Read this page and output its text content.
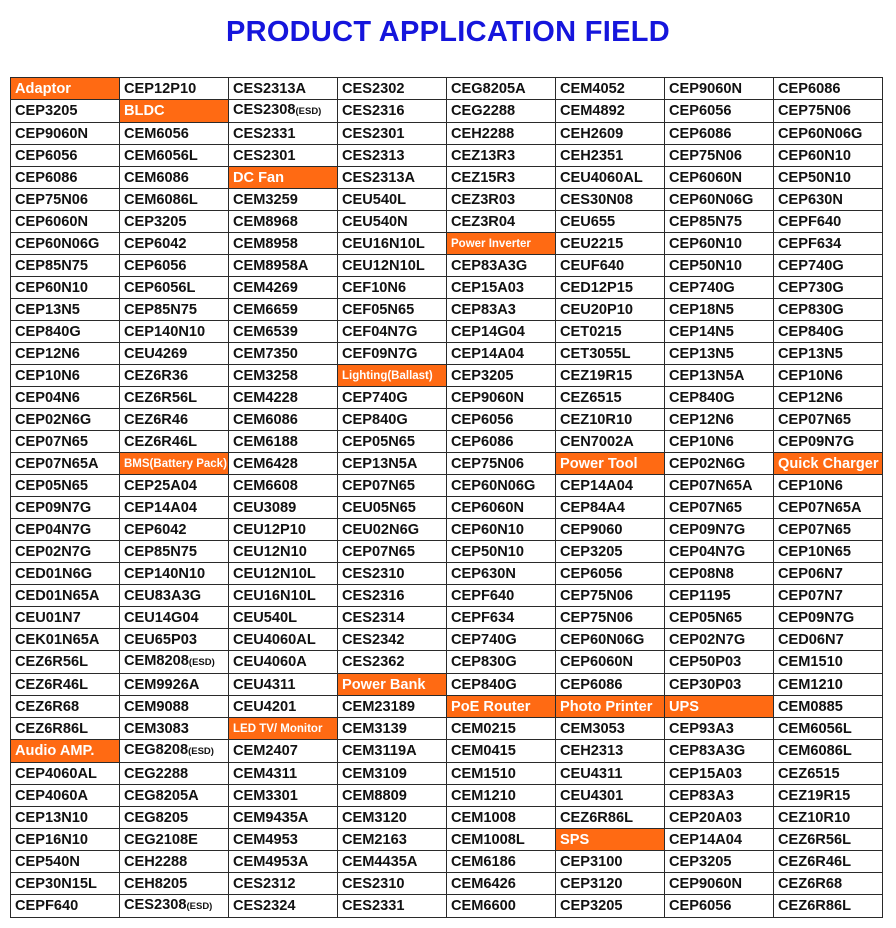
PRODUCT APPLICATION FIELD
Adaptor	CEP12P10	CES2313A	CES2302	CEG8205A	CEM4052	CEP9060N	CEP6086
CEP3205	BLDC	CES2308(ESD)	CES2316	CEG2288	CEM4892	CEP6056	CEP75N06
CEP9060N	CEM6056	CES2331	CES2301	CEH2288	CEH2609	CEP6086	CEP60N06G
CEP6056	CEM6056L	CES2301	CES2313	CEZ13R3	CEH2351	CEP75N06	CEP60N10
CEP6086	CEM6086	DC Fan	CES2313A	CEZ15R3	CEU4060AL	CEP6060N	CEP50N10
CEP75N06	CEM6086L	CEM3259	CEU540L	CEZ3R03	CES30N08	CEP60N06G	CEP630N
CEP6060N	CEP3205	CEM8968	CEU540N	CEZ3R04	CEU655	CEP85N75	CEPF640
CEP60N06G	CEP6042	CEM8958	CEU16N10L	Power Inverter	CEU2215	CEP60N10	CEPF634
CEP85N75	CEP6056	CEM8958A	CEU12N10L	CEP83A3G	CEUF640	CEP50N10	CEP740G
CEP60N10	CEP6056L	CEM4269	CEF10N6	CEP15A03	CED12P15	CEP740G	CEP730G
CEP13N5	CEP85N75	CEM6659	CEF05N65	CEP83A3	CEU20P10	CEP18N5	CEP830G
CEP840G	CEP140N10	CEM6539	CEF04N7G	CEP14G04	CET0215	CEP14N5	CEP840G
CEP12N6	CEU4269	CEM7350	CEF09N7G	CEP14A04	CET3055L	CEP13N5	CEP13N5
CEP10N6	CEZ6R36	CEM3258	Lighting(Ballast)	CEP3205	CEZ19R15	CEP13N5A	CEP10N6
CEP04N6	CEZ6R56L	CEM4228	CEP740G	CEP9060N	CEZ6515	CEP840G	CEP12N6
CEP02N6G	CEZ6R46	CEM6086	CEP840G	CEP6056	CEZ10R10	CEP12N6	CEP07N65
CEP07N65	CEZ6R46L	CEM6188	CEP05N65	CEP6086	CEN7002A	CEP10N6	CEP09N7G
CEP07N65A	BMS(Battery Pack)	CEM6428	CEP13N5A	CEP75N06	Power Tool	CEP02N6G	Quick Charger
CEP05N65	CEP25A04	CEM6608	CEP07N65	CEP60N06G	CEP14A04	CEP07N65A	CEP10N6
CEP09N7G	CEP14A04	CEU3089	CEU05N65	CEP6060N	CEP84A4	CEP07N65	CEP07N65A
CEP04N7G	CEP6042	CEU12P10	CEU02N6G	CEP60N10	CEP9060	CEP09N7G	CEP07N65
CEP02N7G	CEP85N75	CEU12N10	CEP07N65	CEP50N10	CEP3205	CEP04N7G	CEP10N65
CED01N6G	CEP140N10	CEU12N10L	CES2310	CEP630N	CEP6056	CEP08N8	CEP06N7
CED01N65A	CEU83A3G	CEU16N10L	CES2316	CEPF640	CEP75N06	CEP1195	CEP07N7
CEU01N7	CEU14G04	CEU540L	CES2314	CEPF634	CEP75N06	CEP05N65	CEP09N7G
CEK01N65A	CEU65P03	CEU4060AL	CES2342	CEP740G	CEP60N06G	CEP02N7G	CED06N7
CEZ6R56L	CEM8208(ESD)	CEU4060A	CES2362	CEP830G	CEP6060N	CEP50P03	CEM1510
CEZ6R46L	CEM9926A	CEU4311	Power Bank	CEP840G	CEP6086	CEP30P03	CEM1210
CEZ6R68	CEM9088	CEU4201	CEM23189	PoE Router	Photo Printer	UPS	CEM0885
CEZ6R86L	CEM3083	LED TV/ Monitor	CEM3139	CEM0215	CEM3053	CEP93A3	CEM6056L
Audio AMP.	CEG8208(ESD)	CEM2407	CEM3119A	CEM0415	CEH2313	CEP83A3G	CEM6086L
CEP4060AL	CEG2288	CEM4311	CEM3109	CEM1510	CEU4311	CEP15A03	CEZ6515
CEP4060A	CEG8205A	CEM3301	CEM8809	CEM1210	CEU4301	CEP83A3	CEZ19R15
CEP13N10	CEG8205	CEM9435A	CEM3120	CEM1008	CEZ6R86L	CEP20A03	CEZ10R10
CEP16N10	CEG2108E	CEM4953	CEM2163	CEM1008L	SPS	CEP14A04	CEZ6R56L
CEP540N	CEH2288	CEM4953A	CEM4435A	CEM6186	CEP3100	CEP3205	CEZ6R46L
CEP30N15L	CEH8205	CES2312	CES2310	CEM6426	CEP3120	CEP9060N	CEZ6R68
CEPF640	CES2308(ESD)	CES2324	CES2331	CEM6600	CEP3205	CEP6056	CEZ6R86L
